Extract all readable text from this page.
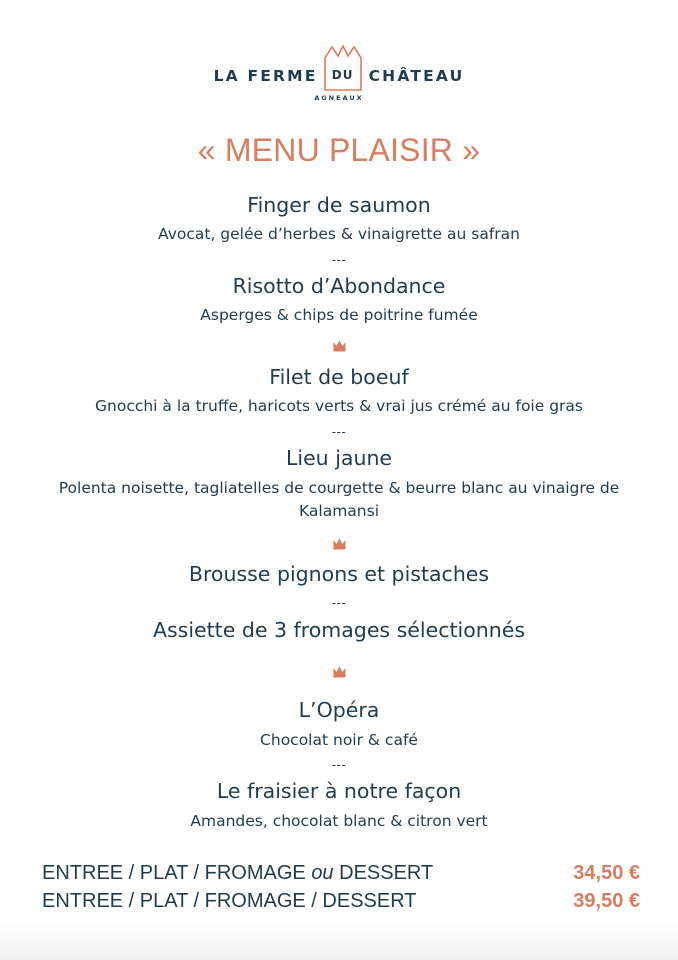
LA FERME	DU CHÂTEAU
AGNEAUX
« MENU PLAISIR »
Finger de saumon
Avocat, gelée d’herbes & vinaigrette au safran
---
Risotto d’Abondance
Asperges & chips de poitrine fumée
Filet de boeuf
Gnocchi à la truffe, haricots verts & vrai jus crémé au foie gras
---
Lieu jaune
Polenta noisette, tagliatelles de courgette & beurre blanc au vinaigre de Kalamansi
Brousse pignons et pistaches
---
Assiette de 3 fromages sélectionnés
L’Opéra
Chocolat noir & café
---
Le fraisier à notre façon
Amandes, chocolat blanc & citron vert
ENTREE / PLAT / FROMAGE ou DESSERT	34,50 €
ENTREE / PLAT / FROMAGE / DESSERT	39,50 €
